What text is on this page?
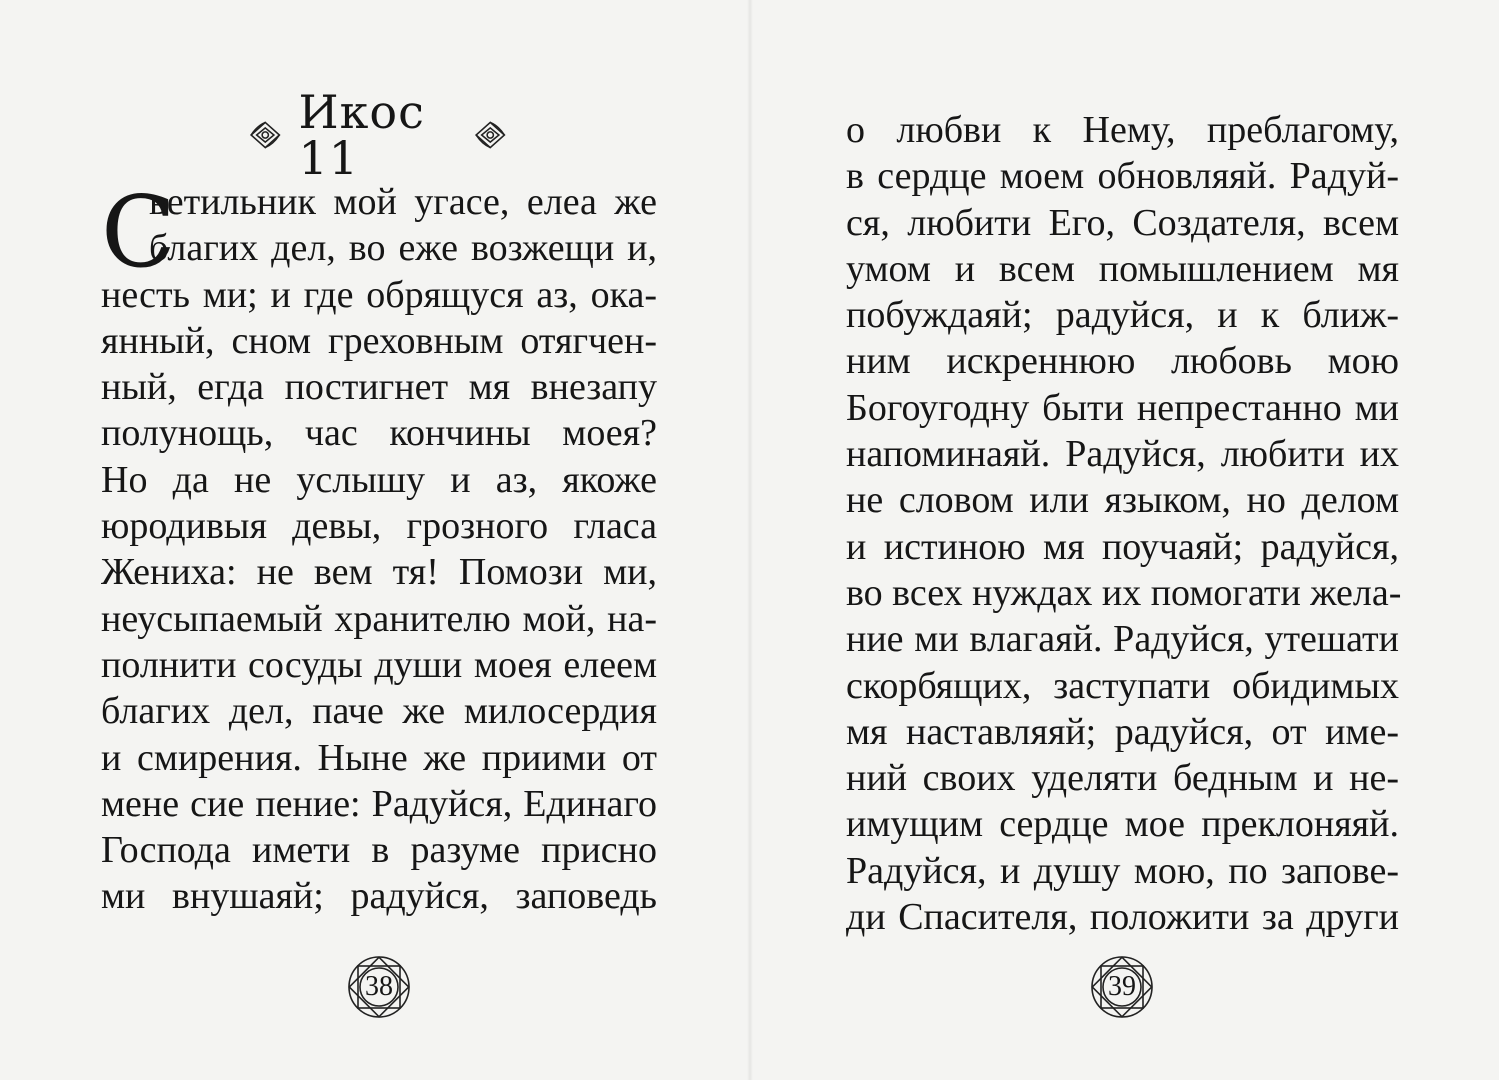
Икос 11
С
ветильник мой угасе, елеа же
благих дел, во еже возжещи и,
несть ми; и где обрящуся аз, ока-
янный, сном греховным отягчен-
ный, егда постигнет мя внезапу
полунощь, час кончины моея?
Но да не услышу и аз, якоже
юродивыя девы, грозного гласа
Жениха: не вем тя! Помози ми,
неусыпаемый хранителю мой, на-
полнити сосуды души моея елеем
благих дел, паче же милосердия
и смирения. Ныне же приими от
мене сие пение: Радуйся, Единаго
Господа имети в разуме присно
ми внушаяй; радуйся, заповедь
38
о любви к Нему, преблагому,
в сердце моем обновляяй. Радуй-
ся, любити Его, Создателя, всем
умом и всем помышлением мя
побуждаяй; радуйся, и к ближ-
ним искреннюю любовь мою
Богоугодну быти непрестанно ми
напоминаяй. Радуйся, любити их
не словом или языком, но делом
и истиною мя поучаяй; радуйся,
во всех нуждах их помогати жела-
ние ми влагаяй. Радуйся, утешати
скорбящих, заступати обидимых
мя наставляяй; радуйся, от име-
ний своих уделяти бедным и не-
имущим сердце мое преклоняяй.
Радуйся, и душу мою, по запове-
ди Спасителя, положити за други
39
